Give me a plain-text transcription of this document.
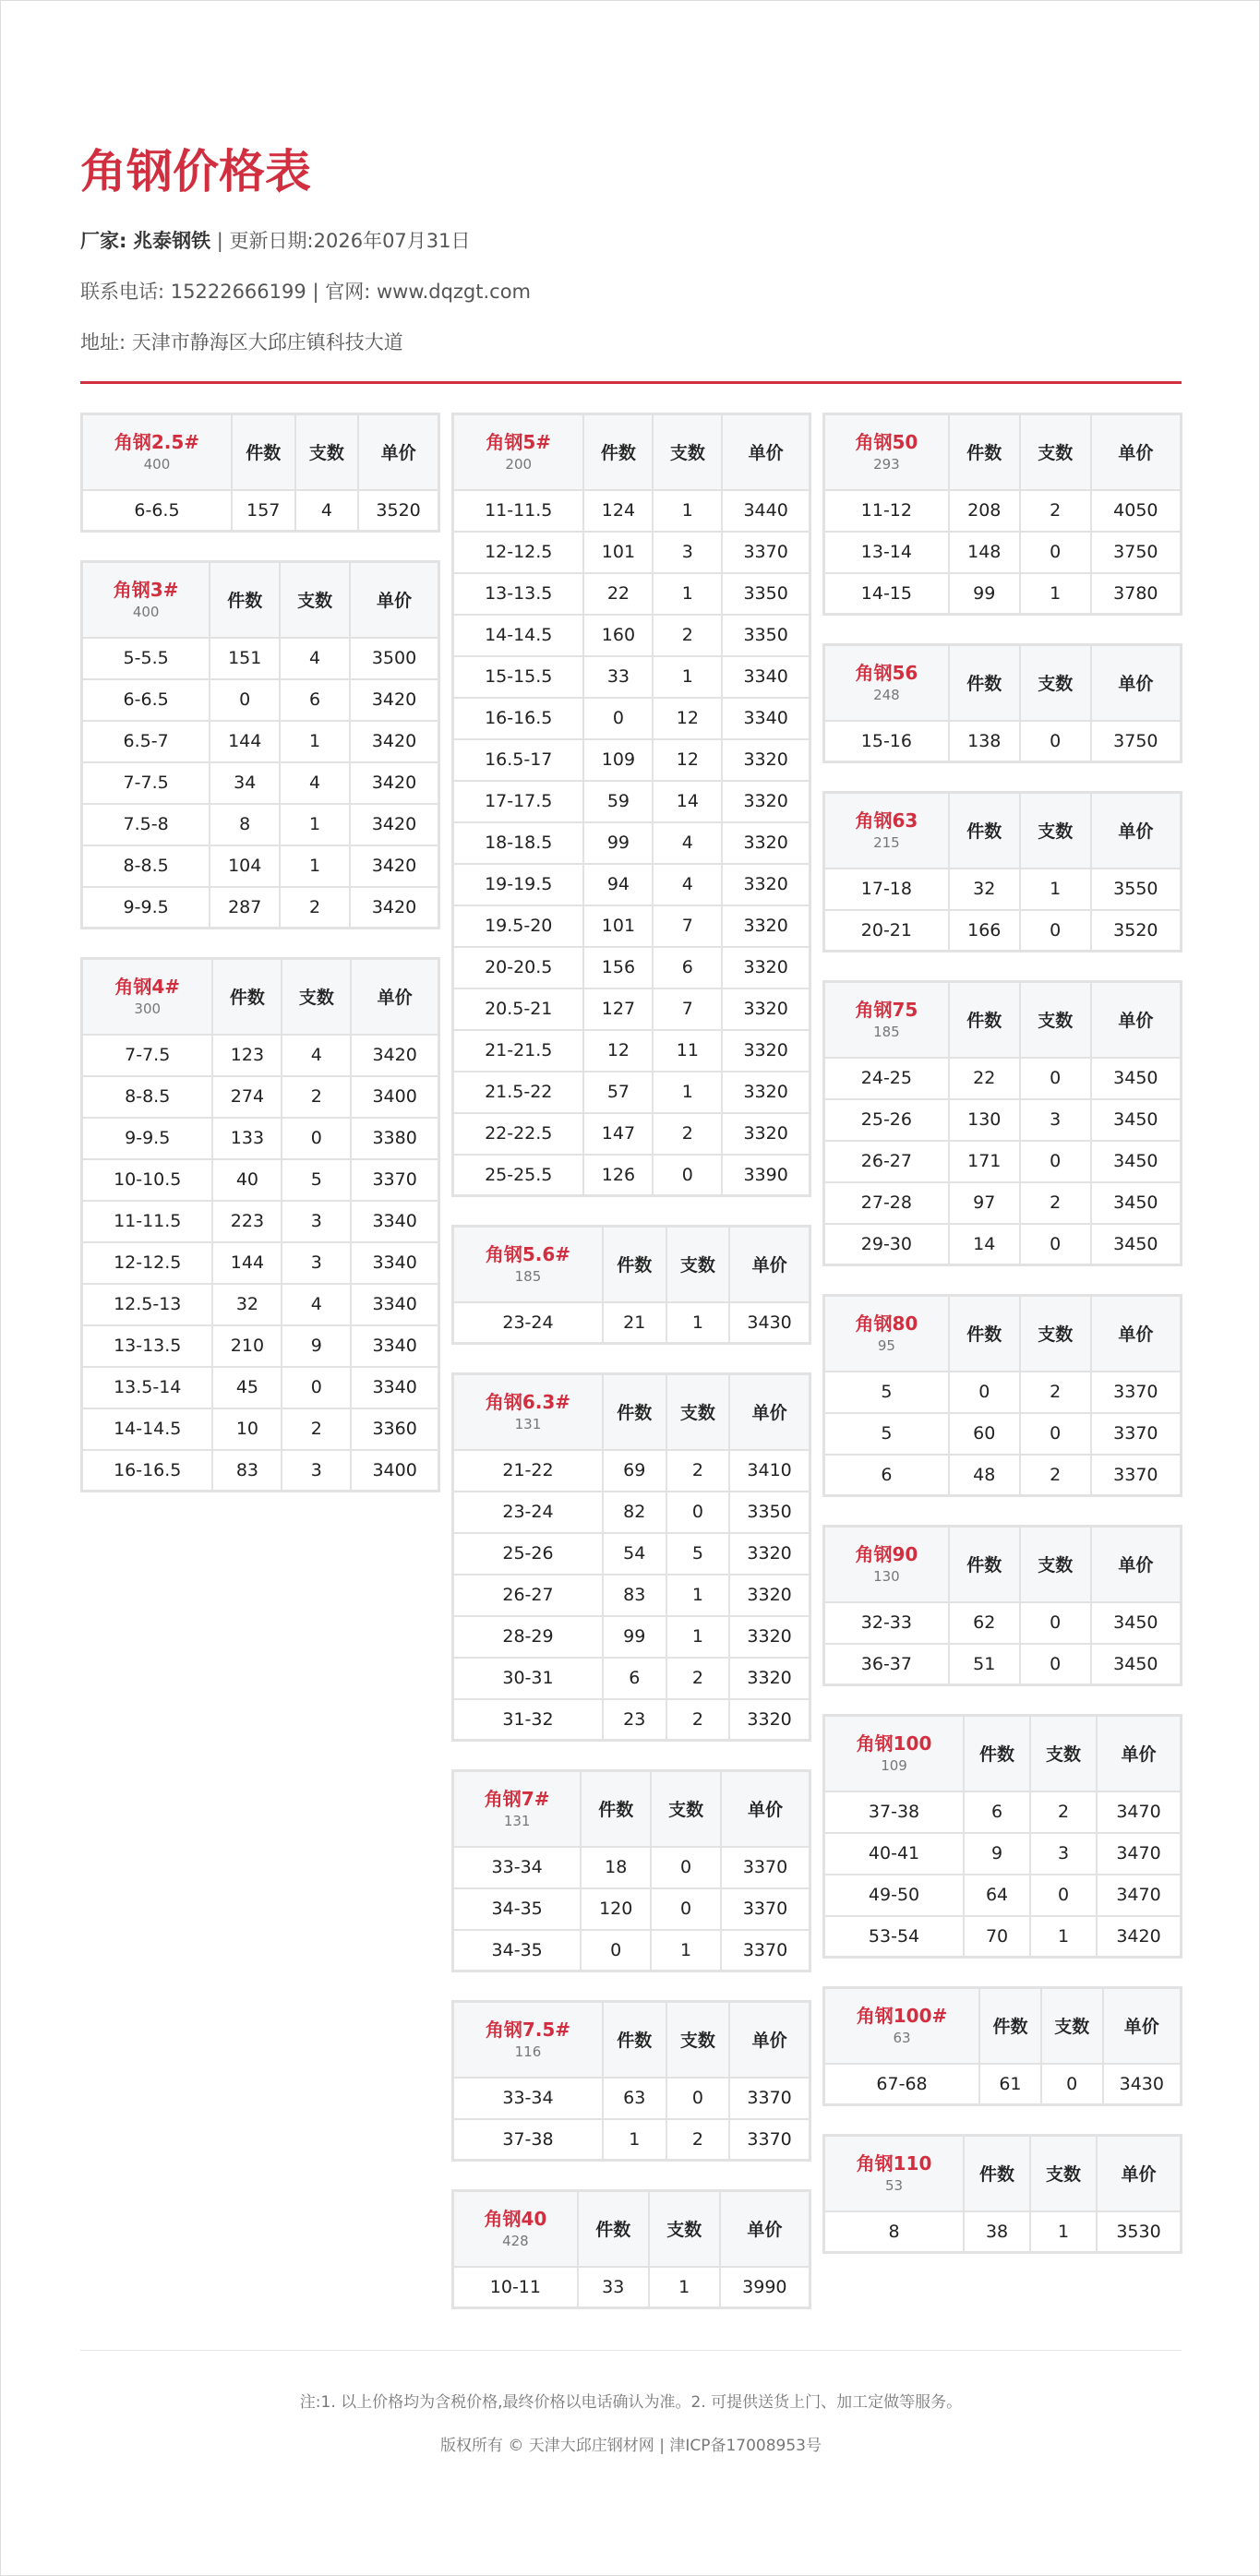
角钢价格表

厂家: 兆泰钢铁 | 更新日期:2026年07月31日

联系电话: 15222666199 | 官网: www.dqzgt.com

地址: 天津市静海区大邱庄镇科技大道

角钢2.5#
400	件数	支数	单价
6-6.5	157	4	3520
角钢3#
400	件数	支数	单价
5-5.5	151	4	3500
6-6.5	0	6	3420
6.5-7	144	1	3420
7-7.5	34	4	3420
7.5-8	8	1	3420
8-8.5	104	1	3420
9-9.5	287	2	3420
角钢4#
300	件数	支数	单价
7-7.5	123	4	3420
8-8.5	274	2	3400
9-9.5	133	0	3380
10-10.5	40	5	3370
11-11.5	223	3	3340
12-12.5	144	3	3340
12.5-13	32	4	3340
13-13.5	210	9	3340
13.5-14	45	0	3340
14-14.5	10	2	3360
16-16.5	83	3	3400
角钢5#
200	件数	支数	单价
11-11.5	124	1	3440
12-12.5	101	3	3370
13-13.5	22	1	3350
14-14.5	160	2	3350
15-15.5	33	1	3340
16-16.5	0	12	3340
16.5-17	109	12	3320
17-17.5	59	14	3320
18-18.5	99	4	3320
19-19.5	94	4	3320
19.5-20	101	7	3320
20-20.5	156	6	3320
20.5-21	127	7	3320
21-21.5	12	11	3320
21.5-22	57	1	3320
22-22.5	147	2	3320
25-25.5	126	0	3390
角钢5.6#
185	件数	支数	单价
23-24	21	1	3430
角钢6.3#
131	件数	支数	单价
21-22	69	2	3410
23-24	82	0	3350
25-26	54	5	3320
26-27	83	1	3320
28-29	99	1	3320
30-31	6	2	3320
31-32	23	2	3320
角钢7#
131	件数	支数	单价
33-34	18	0	3370
34-35	120	0	3370
34-35	0	1	3370
角钢7.5#
116	件数	支数	单价
33-34	63	0	3370
37-38	1	2	3370
角钢40
428	件数	支数	单价
10-11	33	1	3990
角钢50
293	件数	支数	单价
11-12	208	2	4050
13-14	148	0	3750
14-15	99	1	3780
角钢56
248	件数	支数	单价
15-16	138	0	3750
角钢63
215	件数	支数	单价
17-18	32	1	3550
20-21	166	0	3520
角钢75
185	件数	支数	单价
24-25	22	0	3450
25-26	130	3	3450
26-27	171	0	3450
27-28	97	2	3450
29-30	14	0	3450
角钢80
95	件数	支数	单价
5	0	2	3370
5	60	0	3370
6	48	2	3370
角钢90
130	件数	支数	单价
32-33	62	0	3450
36-37	51	0	3450
角钢100
109	件数	支数	单价
37-38	6	2	3470
40-41	9	3	3470
49-50	64	0	3470
53-54	70	1	3420
角钢100#
63	件数	支数	单价
67-68	61	0	3430
角钢110
53	件数	支数	单价
8	38	1	3530
注:1. 以上价格均为含税价格,最终价格以电话确认为准。2. 可提供送货上门、加工定做等服务。
版权所有 © 天津大邱庄钢材网 | 津ICP备17008953号
